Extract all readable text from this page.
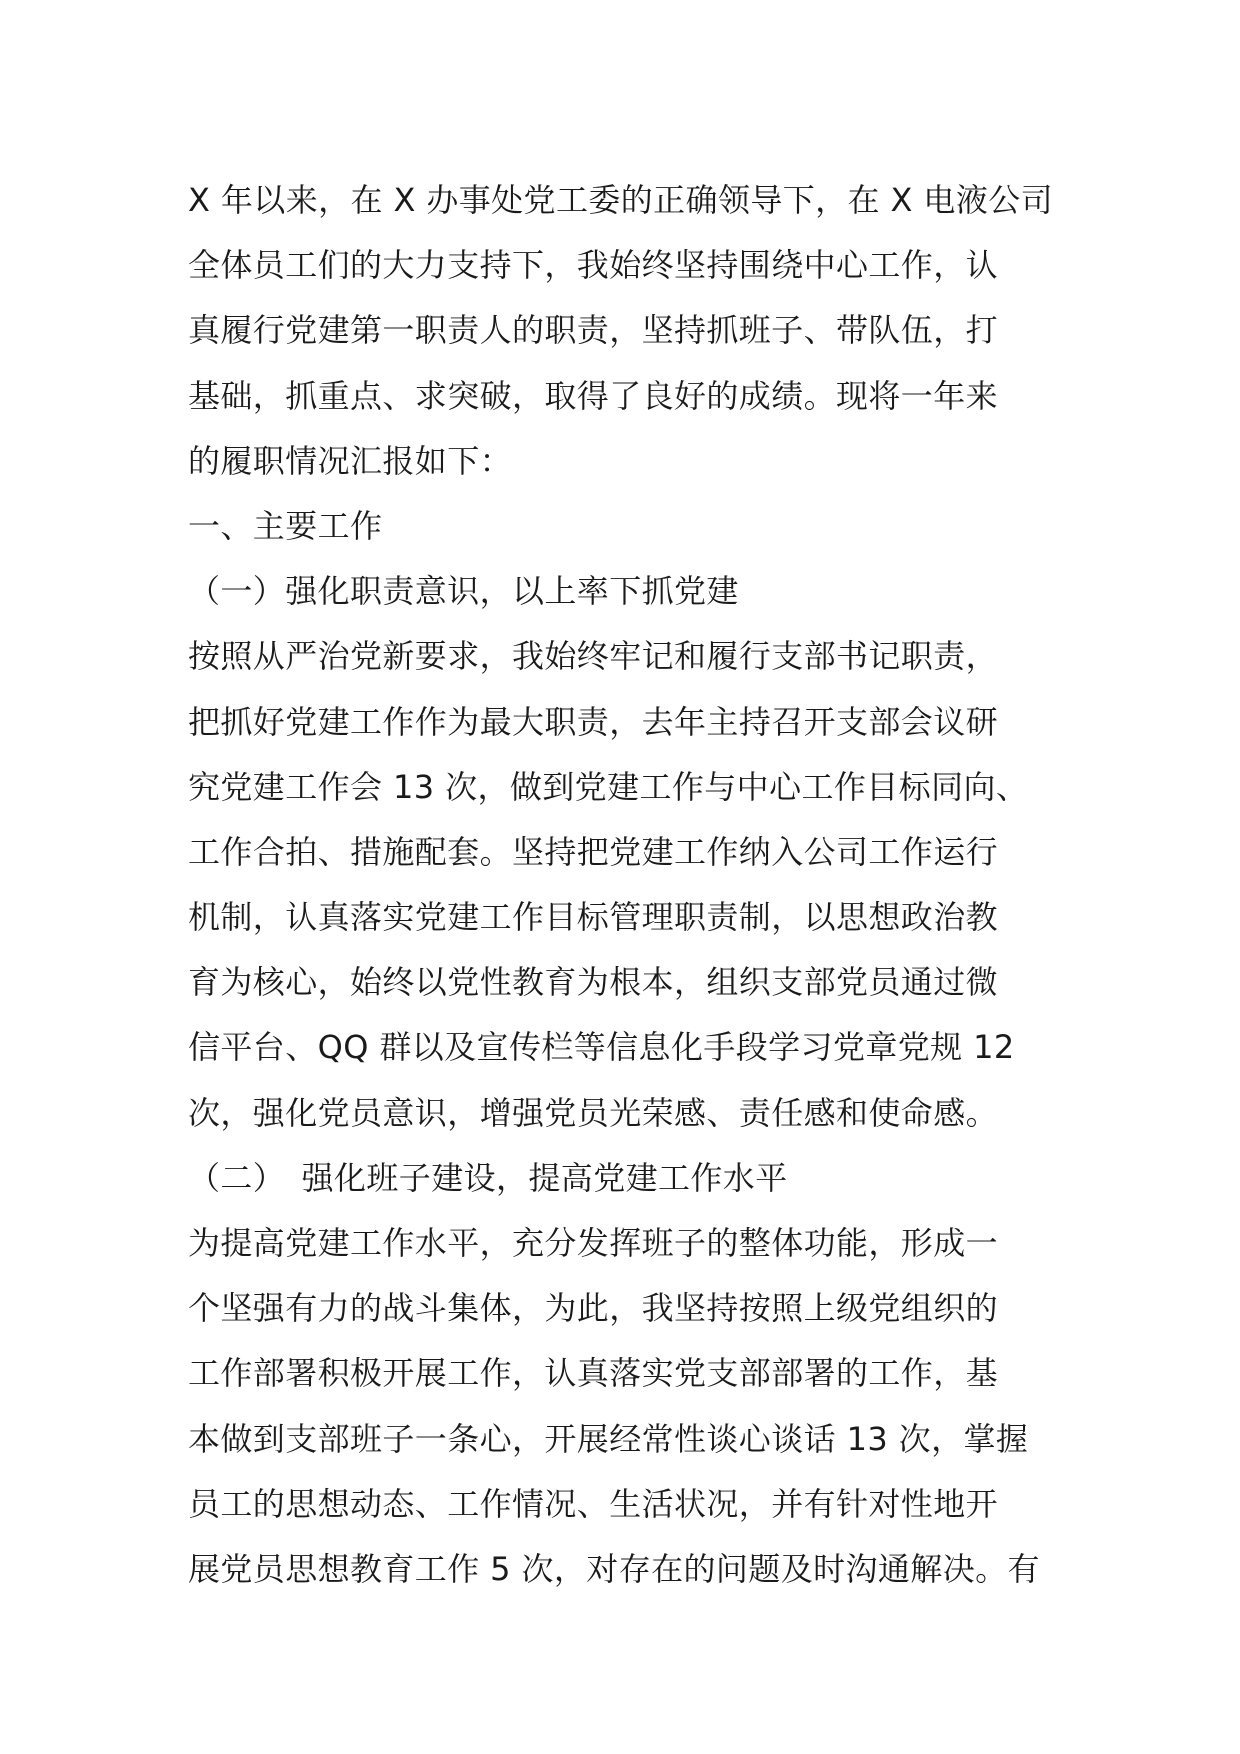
X 年以来，在 X 办事处党工委的正确领导下，在 X 电液公司
全体员工们的大力支持下，我始终坚持围绕中心工作，认
真履行党建第一职责人的职责，坚持抓班子、带队伍，打
基础，抓重点、求突破，取得了良好的成绩。现将一年来
的履职情况汇报如下：
一、主要工作
（一）强化职责意识，以上率下抓党建
按照从严治党新要求，我始终牢记和履行支部书记职责，
把抓好党建工作作为最大职责，去年主持召开支部会议研
究党建工作会 13 次，做到党建工作与中心工作目标同向、
工作合拍、措施配套。坚持把党建工作纳入公司工作运行
机制，认真落实党建工作目标管理职责制，以思想政治教
育为核心，始终以党性教育为根本，组织支部党员通过微
信平台、QQ 群以及宣传栏等信息化手段学习党章党规 12
次，强化党员意识，增强党员光荣感、责任感和使命感。
（二）　强化班子建设，提高党建工作水平
为提高党建工作水平，充分发挥班子的整体功能，形成一
个坚强有力的战斗集体，为此，我坚持按照上级党组织的
工作部署积极开展工作，认真落实党支部部署的工作，基
本做到支部班子一条心，开展经常性谈心谈话 13 次，掌握
员工的思想动态、工作情况、生活状况，并有针对性地开
展党员思想教育工作 5 次，对存在的问题及时沟通解决。有
